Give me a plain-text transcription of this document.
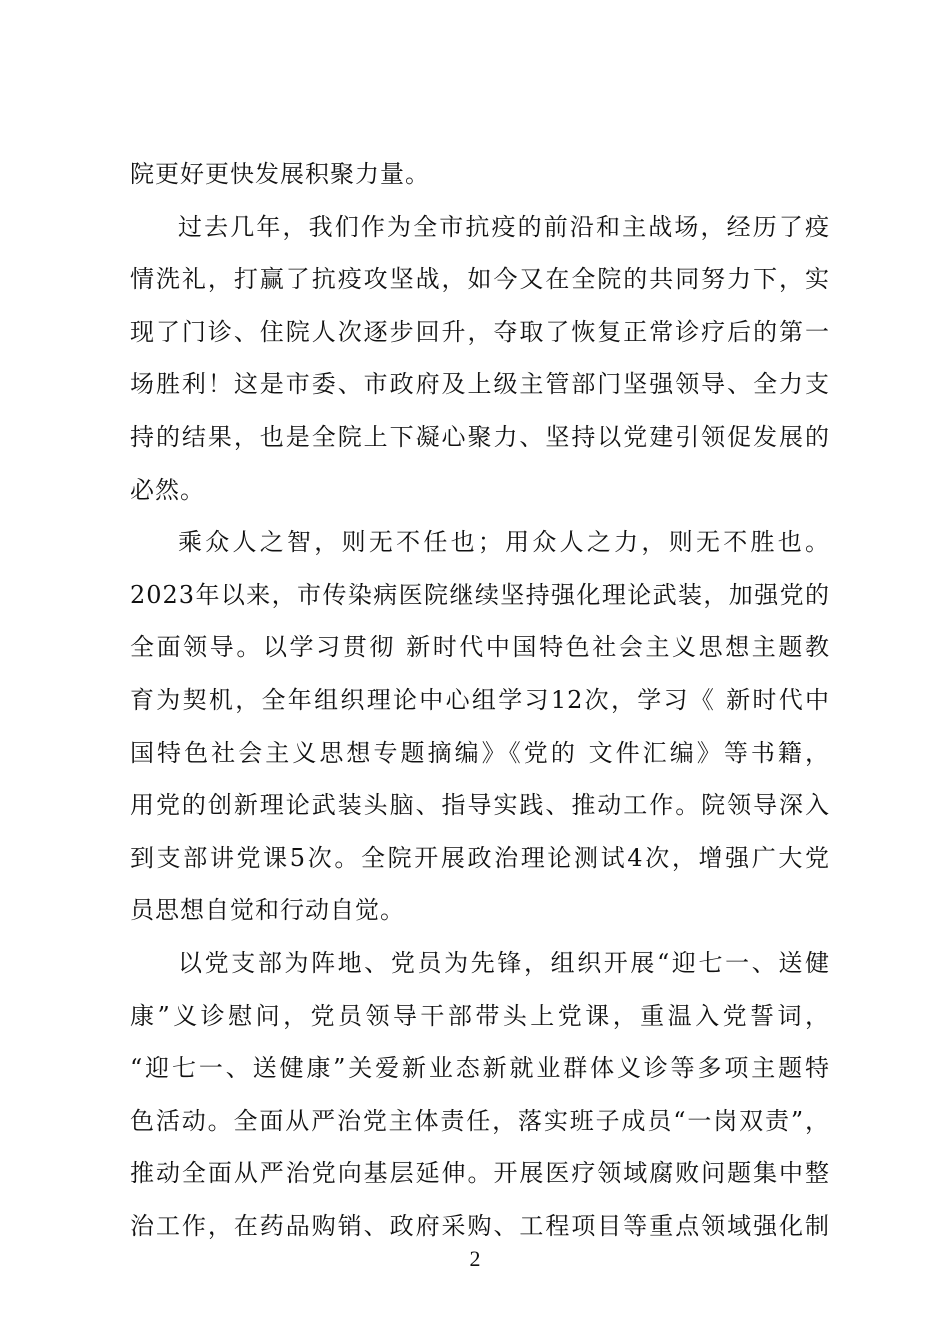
院更好更快发展积聚力量。
过去几年，我们作为全市抗疫的前沿和主战场，经历了疫
情洗礼，打赢了抗疫攻坚战，如今又在全院的共同努力下，实
现了门诊、住院人次逐步回升，夺取了恢复正常诊疗后的第一
场胜利！这是市委、市政府及上级主管部门坚强领导、全力支
持的结果，也是全院上下凝心聚力、坚持以党建引领促发展的
必然。
乘众人之智，则无不任也；用众人之力，则无不胜也。
2023年以来，市传染病医院继续坚持强化理论武装，加强党的
全面领导。以学习贯彻 新时代中国特色社会主义思想主题教
育为契机，全年组织理论中心组学习12次，学习《 新时代中
国特色社会主义思想专题摘编》《党的 文件汇编》等书籍，
用党的创新理论武装头脑、指导实践、推动工作。院领导深入
到支部讲党课5次。全院开展政治理论测试4次，增强广大党
员思想自觉和行动自觉。
以党支部为阵地、党员为先锋，组织开展“迎七一、送健
康”义诊慰问，党员领导干部带头上党课，重温入党誓词，
“迎七一、送健康”关爱新业态新就业群体义诊等多项主题特
色活动。全面从严治党主体责任，落实班子成员“一岗双责”，
推动全面从严治党向基层延伸。开展医疗领域腐败问题集中整
治工作，在药品购销、政府采购、工程项目等重点领域强化制
2
